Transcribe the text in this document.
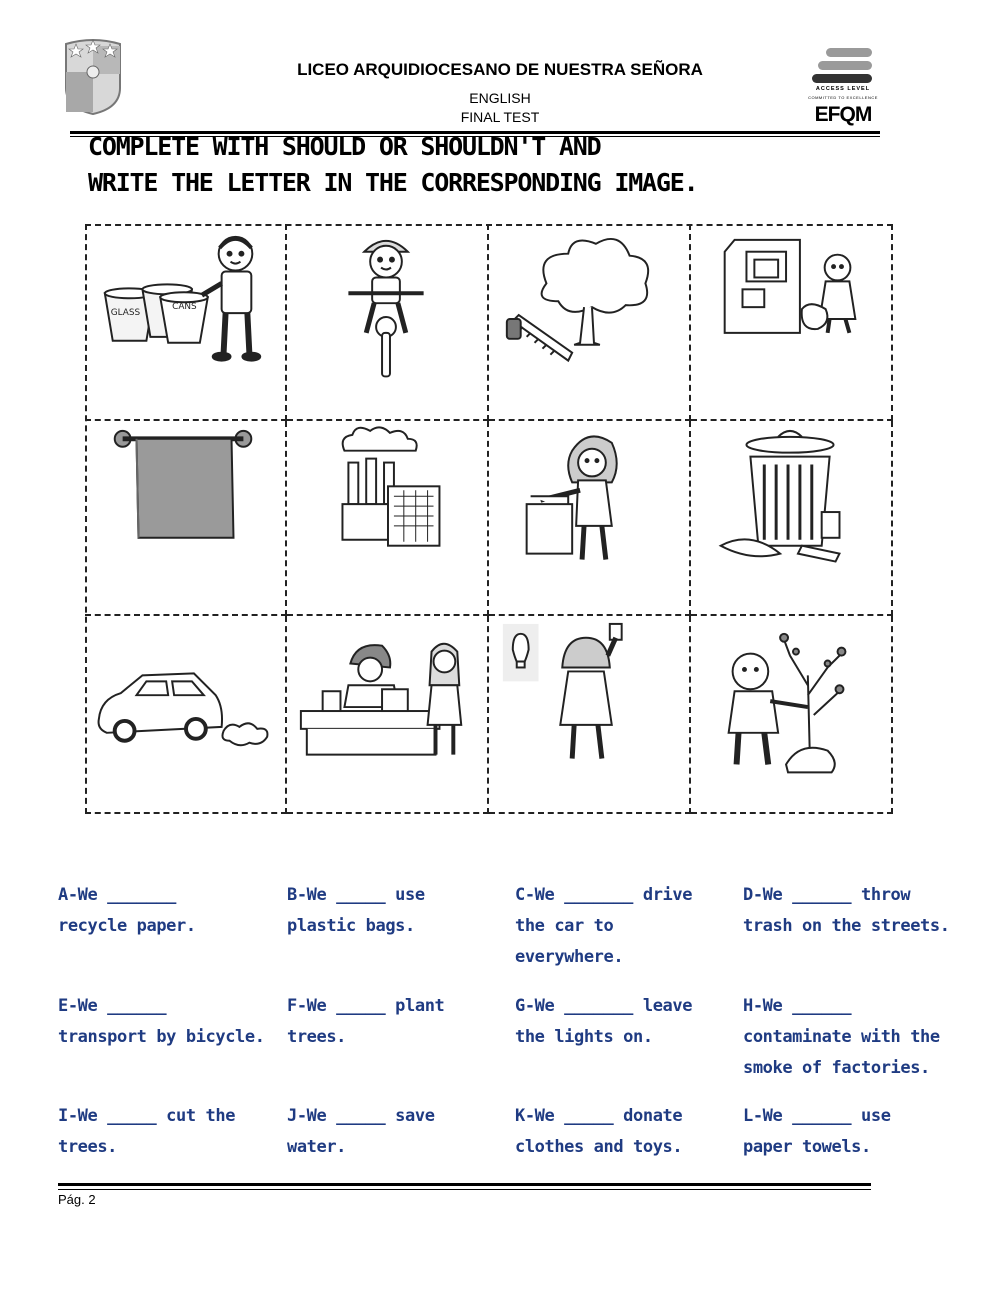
LICEO ARQUIDIOCESANO DE NUESTRA SEÑORA
ENGLISH
FINAL TEST
ACCESS LEVEL
COMMITTED TO EXCELLENCE
EFQM
COMPLETE WITH SHOULD OR SHOULDN'T AND
WRITE THE LETTER IN THE CORRESPONDING IMAGE.
GLASS
CANS
A-We _______
recycle paper.
B-We _____ use
plastic bags.
C-We _______ drive
the car to
everywhere.
D-We ______ throw
trash on the streets.
E-We ______
transport by bicycle.
F-We _____ plant
trees.
G-We _______ leave
the lights on.
H-We ______
contaminate with the
smoke of factories.
I-We _____ cut the
trees.
J-We _____ save
water.
K-We _____ donate
clothes and toys.
L-We ______ use
paper towels.
Pág. 2
